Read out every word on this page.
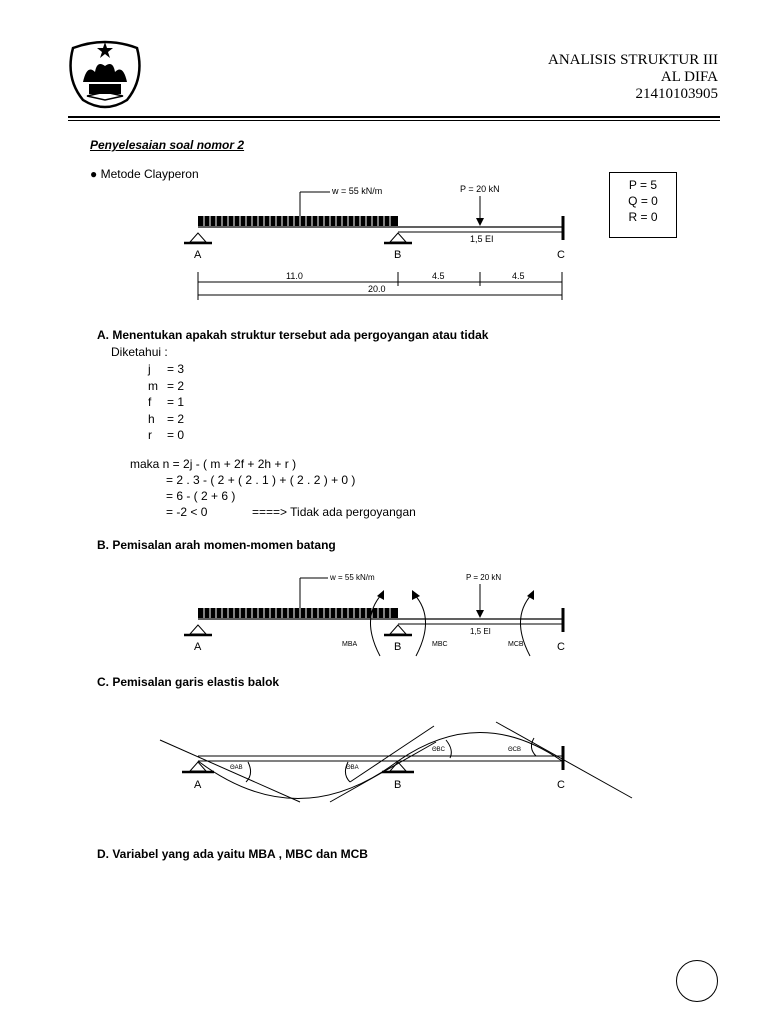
ANALISIS STRUKTUR III
AL DIFA
21410103905
Penyelesaian soal nomor 2
● Metode Clayperon
P = 5
Q = 0
R = 0
w = 55 kN/m	P = 20 kN
1,5 EI
A	B	C
11.0	4.5	4.5
20.0
A. Menentukan apakah struktur tersebut ada pergoyangan atau tidak
Diketahui :
j = 3
m = 2
f = 1
h = 2
r = 0
maka n = 2j - ( m + 2f + 2h + r )
= 2 . 3 - ( 2 + ( 2 . 1 ) + ( 2 . 2 ) + 0 )
= 6 - ( 2 + 6 )
= -2 < 0	====> Tidak ada pergoyangan
B. Pemisalan arah momen-momen batang
w = 55 kN/m	P = 20 kN
1,5 EI
MBA	MBC	MCB
A	B	C
C. Pemisalan garis elastis balok
ΘAB	ΘBA
ΘBC	ΘCB
A	B	C
D. Variabel yang ada yaitu MBA , MBC dan MCB
